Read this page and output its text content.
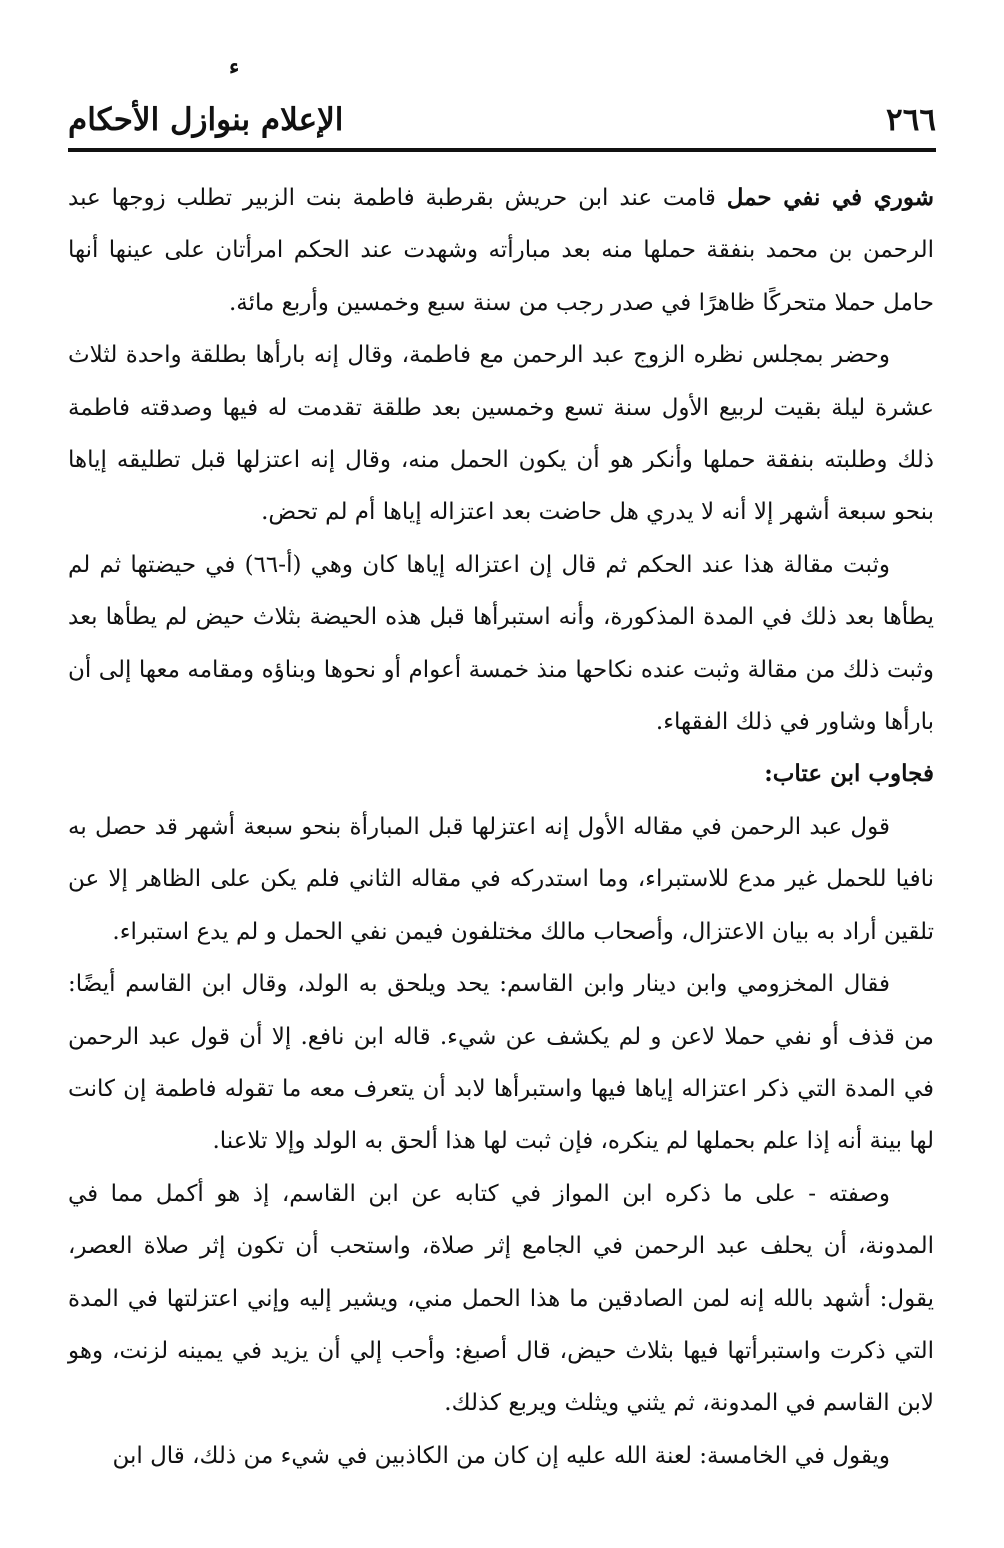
ء
٢٦٦
الإعلام بنوازل الأحكام

شوري في نفي حمل قامت عند ابن حريش بقرطبة فاطمة بنت الزبير تطلب زوجها عبد الرحمن بن محمد بنفقة حملها منه بعد مبارأته وشهدت عند الحكم امرأتان على عينها أنها حامل حملا متحركًا ظاهرًا في صدر رجب من سنة سبع وخمسين وأربع مائة.

وحضر بمجلس نظره الزوج عبد الرحمن مع فاطمة، وقال إنه بارأها بطلقة واحدة لثلاث عشرة ليلة بقيت لربيع الأول سنة تسع وخمسين بعد طلقة تقدمت له فيها وصدقته فاطمة ذلك وطلبته بنفقة حملها وأنكر هو أن يكون الحمل منه، وقال إنه اعتزلها قبل تطليقه إياها بنحو سبعة أشهر إلا أنه لا يدري هل حاضت بعد اعتزاله إياها أم لم تحض.

وثبت مقالة هذا عند الحكم ثم قال إن اعتزاله إياها كان وهي (أ-٦٦) في حيضتها ثم لم يطأها بعد ذلك في المدة المذكورة، وأنه استبرأها قبل هذه الحيضة بثلاث حيض لم يطأها بعد وثبت ذلك من مقالة وثبت عنده نكاحها منذ خمسة أعوام أو نحوها وبناؤه ومقامه معها إلى أن بارأها وشاور في ذلك الفقهاء.

فجاوب ابن عتاب:

قول عبد الرحمن في مقاله الأول إنه اعتزلها قبل المبارأة بنحو سبعة أشهر قد حصل به نافيا للحمل غير مدع للاستبراء، وما استدركه في مقاله الثاني فلم يكن على الظاهر إلا عن تلقين أراد به بيان الاعتزال، وأصحاب مالك مختلفون فيمن نفي الحمل و لم يدع استبراء.

فقال المخزومي وابن دينار وابن القاسم: يحد ويلحق به الولد، وقال ابن القاسم أيضًا: من قذف أو نفي حملا لاعن و لم يكشف عن شيء. قاله ابن نافع. إلا أن قول عبد الرحمن في المدة التي ذكر اعتزاله إياها فيها واستبرأها لابد أن يتعرف معه ما تقوله فاطمة إن كانت لها بينة أنه إذا علم بحملها لم ينكره، فإن ثبت لها هذا ألحق به الولد وإلا تلاعنا.

وصفته - على ما ذكره ابن المواز في كتابه عن ابن القاسم، إذ هو أكمل مما في المدونة، أن يحلف عبد الرحمن في الجامع إثر صلاة، واستحب أن تكون إثر صلاة العصر، يقول: أشهد بالله إنه لمن الصادقين ما هذا الحمل مني، ويشير إليه وإني اعتزلتها في المدة التي ذكرت واستبرأتها فيها بثلاث حيض، قال أصبغ: وأحب إلي أن يزيد في يمينه لزنت، وهو لابن القاسم في المدونة، ثم يثني ويثلث ويربع كذلك.

ويقول في الخامسة: لعنة الله عليه إن كان من الكاذبين في شيء من ذلك، قال ابن
